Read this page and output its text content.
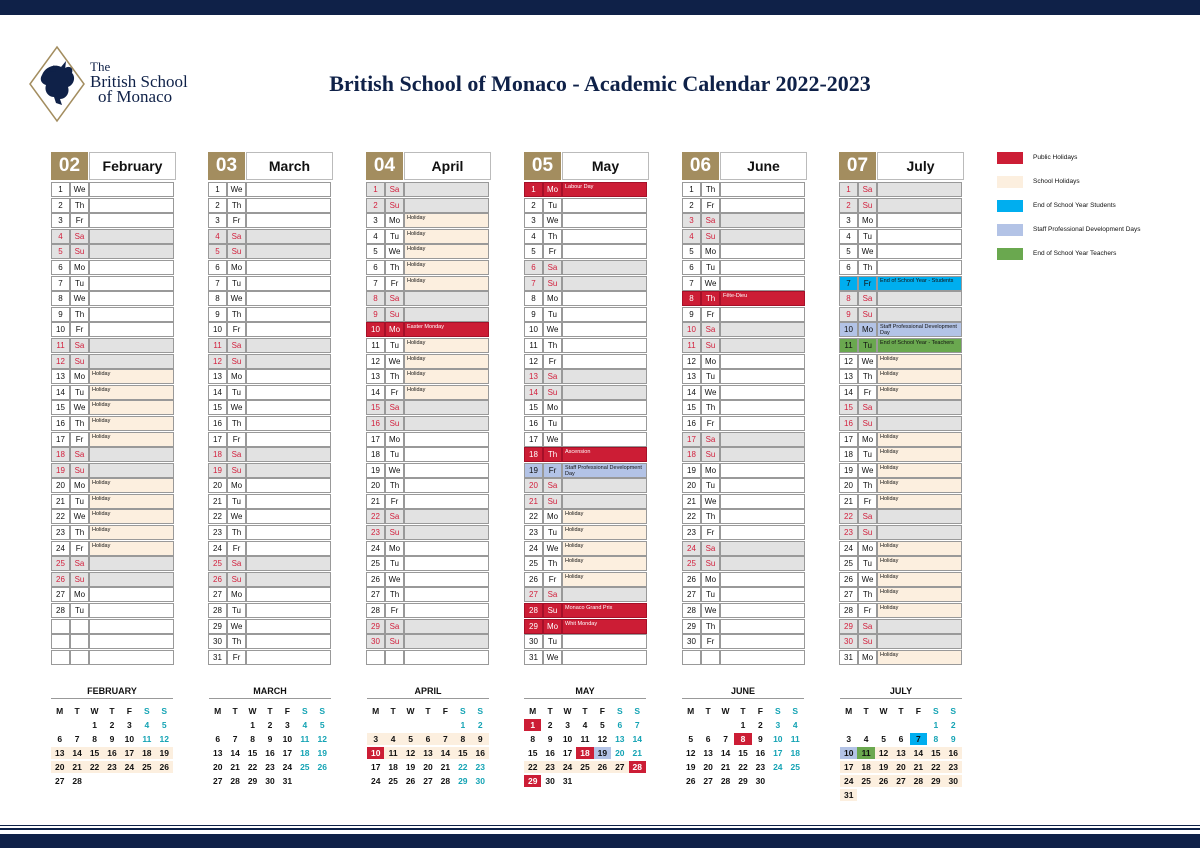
The
British School
of Monaco
British School of Monaco - Academic Calendar 2022-2023
02	February
1	We
2	Th
3	Fr
4	Sa
5	Su
6	Mo
7	Tu
8	We
9	Th
10	Fr
11	Sa
12	Su
13	Mo	Holiday
14	Tu	Holiday
15	We	Holiday
16	Th	Holiday
17	Fr	Holiday
18	Sa
19	Su
20	Mo	Holiday
21	Tu	Holiday
22	We	Holiday
23	Th	Holiday
24	Fr	Holiday
25	Sa
26	Su
27	Mo
28	Tu
03	March
1	We
2	Th
3	Fr
4	Sa
5	Su
6	Mo
7	Tu
8	We
9	Th
10	Fr
11	Sa
12	Su
13	Mo
14	Tu
15	We
16	Th
17	Fr
18	Sa
19	Su
20	Mo
21	Tu
22	We
23	Th
24	Fr
25	Sa
26	Su
27	Mo
28	Tu
29	We
30	Th
31	Fr
04	April
1	Sa
2	Su
3	Mo	Holiday
4	Tu	Holiday
5	We	Holiday
6	Th	Holiday
7	Fr	Holiday
8	Sa
9	Su
10	Mo	Easter Monday
11	Tu	Holiday
12	We	Holiday
13	Th	Holiday
14	Fr	Holiday
15	Sa
16	Su
17	Mo
18	Tu
19	We
20	Th
21	Fr
22	Sa
23	Su
24	Mo
25	Tu
26	We
27	Th
28	Fr
29	Sa
30	Su
05	May
1	Mo	Labour Day
2	Tu
3	We
4	Th
5	Fr
6	Sa
7	Su
8	Mo
9	Tu
10	We
11	Th
12	Fr
13	Sa
14	Su
15	Mo
16	Tu
17	We
18	Th	Ascension
19	Fr	Staff Professional Development Day
20	Sa
21	Su
22	Mo	Holiday
23	Tu	Holiday
24	We	Holiday
25	Th	Holiday
26	Fr	Holiday
27	Sa
28	Su	Monaco Grand Prix
29	Mo	Whit Monday
30	Tu
31	We
06	June
1	Th
2	Fr
3	Sa
4	Su
5	Mo
6	Tu
7	We
8	Th	Fête-Dieu
9	Fr
10	Sa
11	Su
12	Mo
13	Tu
14	We
15	Th
16	Fr
17	Sa
18	Su
19	Mo
20	Tu
21	We
22	Th
23	Fr
24	Sa
25	Su
26	Mo
27	Tu
28	We
29	Th
30	Fr
07	July
1	Sa
2	Su
3	Mo
4	Tu
5	We
6	Th
7	Fr	End of School Year - Students
8	Sa
9	Su
10	Mo	Staff Professional Development Day
11	Tu	End of School Year - Teachers
12	We	Holiday
13	Th	Holiday
14	Fr	Holiday
15	Sa
16	Su
17	Mo	Holiday
18	Tu	Holiday
19	We	Holiday
20	Th	Holiday
21	Fr	Holiday
22	Sa
23	Su
24	Mo	Holiday
25	Tu	Holiday
26	We	Holiday
27	Th	Holiday
28	Fr	Holiday
29	Sa
30	Su
31	Mo	Holiday
Public Holidays
School Holidays
End of School Year Students
Staff Professional Development Days
End of School Year Teachers
FEBRUARY
M	T	W	T	F	S	S
		1	2	3	4	5
6	7	8	9	10	11	12
13	14	15	16	17	18	19
20	21	22	23	24	25	26
27	28					
MARCH
M	T	W	T	F	S	S
		1	2	3	4	5
6	7	8	9	10	11	12
13	14	15	16	17	18	19
20	21	22	23	24	25	26
27	28	29	30	31		
APRIL
M	T	W	T	F	S	S
					1	2
3	4	5	6	7	8	9
10	11	12	13	14	15	16
17	18	19	20	21	22	23
24	25	26	27	28	29	30
MAY
M	T	W	T	F	S	S
1	2	3	4	5	6	7
8	9	10	11	12	13	14
15	16	17	18	19	20	21
22	23	24	25	26	27	28
29	30	31				
JUNE
M	T	W	T	F	S	S
			1	2	3	4
5	6	7	8	9	10	11
12	13	14	15	16	17	18
19	20	21	22	23	24	25
26	27	28	29	30		
JULY
M	T	W	T	F	S	S
					1	2
3	4	5	6	7	8	9
10	11	12	13	14	15	16
17	18	19	20	21	22	23
24	25	26	27	28	29	30
31						
